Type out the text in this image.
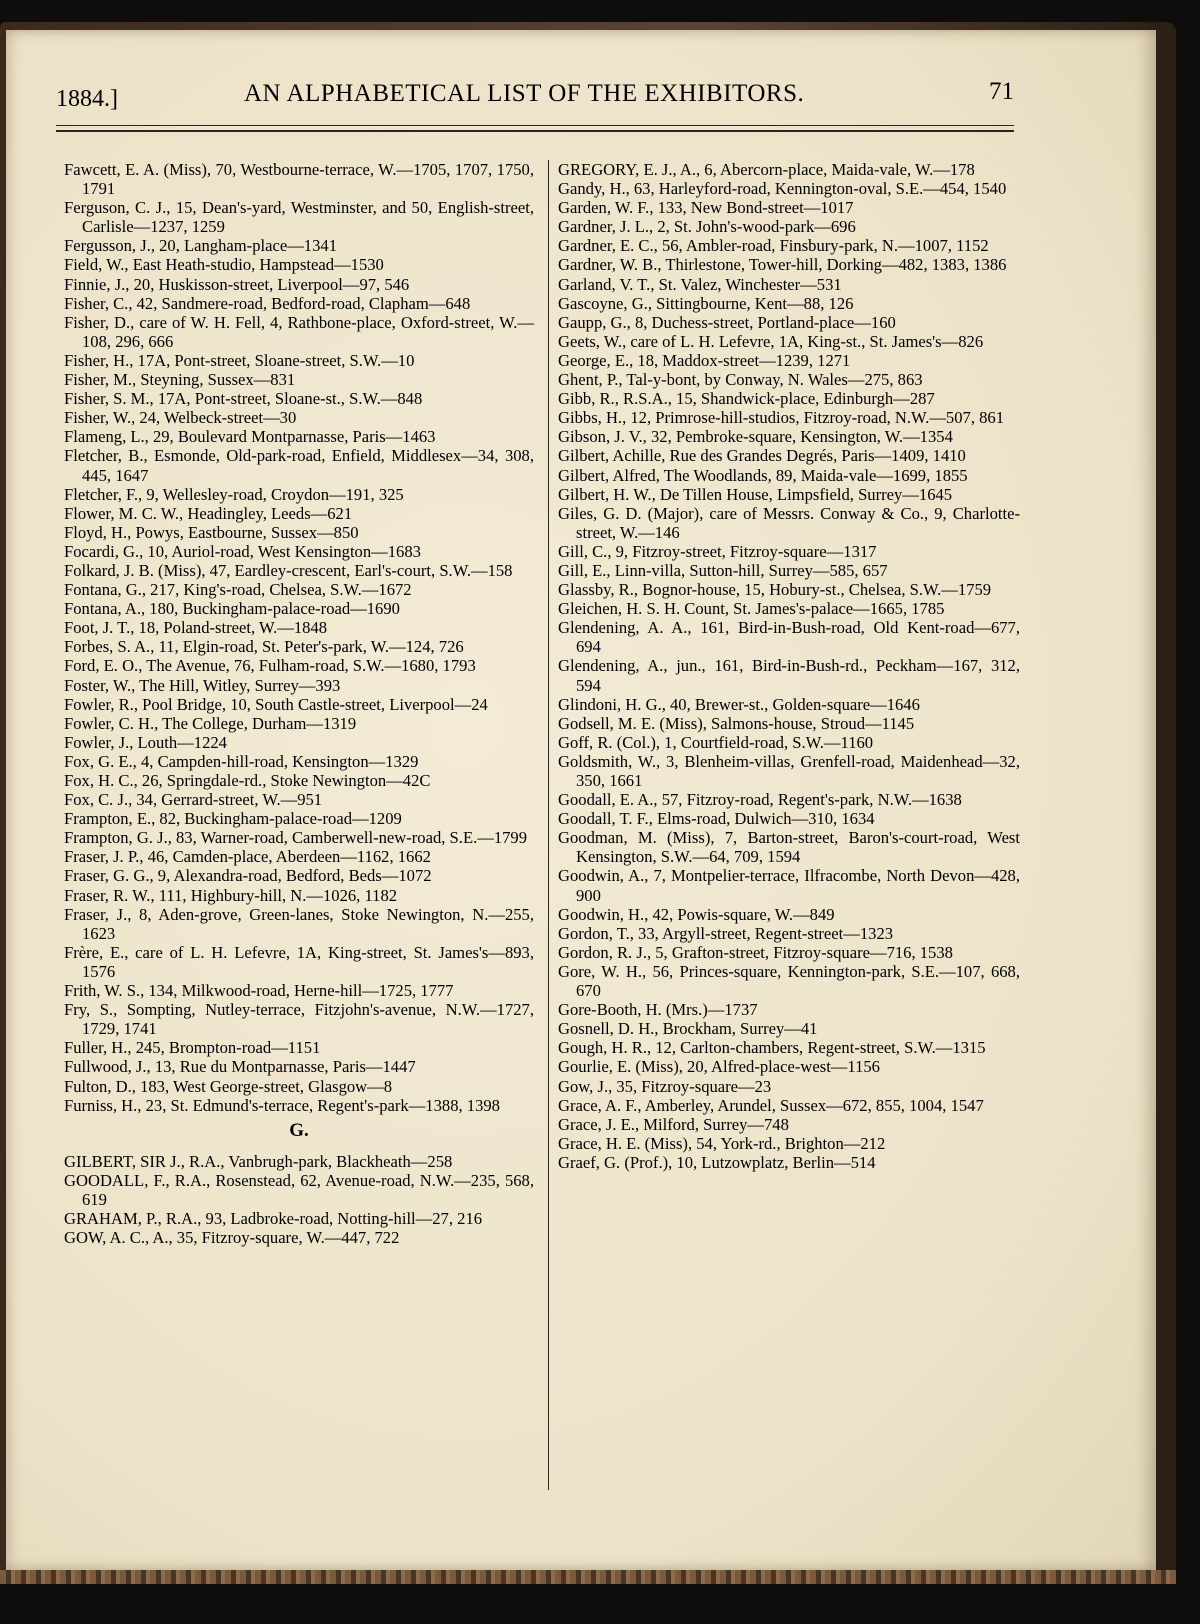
1884.]	AN ALPHABETICAL LIST OF THE EXHIBITORS.	71

Fawcett, E. A. (Miss), 70, Westbourne-terrace, W.—1705, 1707, 1750, 1791

Ferguson, C. J., 15, Dean's-yard, Westminster, and 50, English-street, Carlisle—1237, 1259

Fergusson, J., 20, Langham-place—1341

Field, W., East Heath-studio, Hampstead—1530

Finnie, J., 20, Huskisson-street, Liverpool—97, 546

Fisher, C., 42, Sandmere-road, Bedford-road, Clapham—648

Fisher, D., care of W. H. Fell, 4, Rathbone-place, Oxford-street, W.—108, 296, 666

Fisher, H., 17A, Pont-street, Sloane-street, S.W.—10

Fisher, M., Steyning, Sussex—831

Fisher, S. M., 17A, Pont-street, Sloane-st., S.W.—848

Fisher, W., 24, Welbeck-street—30

Flameng, L., 29, Boulevard Montparnasse, Paris—1463

Fletcher, B., Esmonde, Old-park-road, Enfield, Middlesex—34, 308, 445, 1647

Fletcher, F., 9, Wellesley-road, Croydon—191, 325

Flower, M. C. W., Headingley, Leeds—621

Floyd, H., Powys, Eastbourne, Sussex—850

Focardi, G., 10, Auriol-road, West Kensington—1683

Folkard, J. B. (Miss), 47, Eardley-crescent, Earl's-court, S.W.—158

Fontana, G., 217, King's-road, Chelsea, S.W.—1672

Fontana, A., 180, Buckingham-palace-road—1690

Foot, J. T., 18, Poland-street, W.—1848

Forbes, S. A., 11, Elgin-road, St. Peter's-park, W.—124, 726

Ford, E. O., The Avenue, 76, Fulham-road, S.W.—1680, 1793

Foster, W., The Hill, Witley, Surrey—393

Fowler, R., Pool Bridge, 10, South Castle-street, Liverpool—24

Fowler, C. H., The College, Durham—1319

Fowler, J., Louth—1224

Fox, G. E., 4, Campden-hill-road, Kensington—1329

Fox, H. C., 26, Springdale-rd., Stoke Newington—42C

Fox, C. J., 34, Gerrard-street, W.—951

Frampton, E., 82, Buckingham-palace-road—1209

Frampton, G. J., 83, Warner-road, Camberwell-new-road, S.E.—1799

Fraser, J. P., 46, Camden-place, Aberdeen—1162, 1662

Fraser, G. G., 9, Alexandra-road, Bedford, Beds—1072

Fraser, R. W., 111, Highbury-hill, N.—1026, 1182

Fraser, J., 8, Aden-grove, Green-lanes, Stoke Newington, N.—255, 1623

Frère, E., care of L. H. Lefevre, 1A, King-street, St. James's—893, 1576

Frith, W. S., 134, Milkwood-road, Herne-hill—1725, 1777

Fry, S., Sompting, Nutley-terrace, Fitzjohn's-avenue, N.W.—1727, 1729, 1741

Fuller, H., 245, Brompton-road—1151

Fullwood, J., 13, Rue du Montparnasse, Paris—1447

Fulton, D., 183, West George-street, Glasgow—8

Furniss, H., 23, St. Edmund's-terrace, Regent's-park—1388, 1398

G.

GILBERT, SIR J., R.A., Vanbrugh-park, Blackheath—258

GOODALL, F., R.A., Rosenstead, 62, Avenue-road, N.W.—235, 568, 619

GRAHAM, P., R.A., 93, Ladbroke-road, Notting-hill—27, 216

GOW, A. C., A., 35, Fitzroy-square, W.—447, 722

GREGORY, E. J., A., 6, Abercorn-place, Maida-vale, W.—178

Gandy, H., 63, Harleyford-road, Kennington-oval, S.E.—454, 1540

Garden, W. F., 133, New Bond-street—1017

Gardner, J. L., 2, St. John's-wood-park—696

Gardner, E. C., 56, Ambler-road, Finsbury-park, N.—1007, 1152

Gardner, W. B., Thirlestone, Tower-hill, Dorking—482, 1383, 1386

Garland, V. T., St. Valez, Winchester—531

Gascoyne, G., Sittingbourne, Kent—88, 126

Gaupp, G., 8, Duchess-street, Portland-place—160

Geets, W., care of L. H. Lefevre, 1A, King-st., St. James's—826

George, E., 18, Maddox-street—1239, 1271

Ghent, P., Tal-y-bont, by Conway, N. Wales—275, 863

Gibb, R., R.S.A., 15, Shandwick-place, Edinburgh—287

Gibbs, H., 12, Primrose-hill-studios, Fitzroy-road, N.W.—507, 861

Gibson, J. V., 32, Pembroke-square, Kensington, W.—1354

Gilbert, Achille, Rue des Grandes Degrés, Paris—1409, 1410

Gilbert, Alfred, The Woodlands, 89, Maida-vale—1699, 1855

Gilbert, H. W., De Tillen House, Limpsfield, Surrey—1645

Giles, G. D. (Major), care of Messrs. Conway & Co., 9, Charlotte-street, W.—146

Gill, C., 9, Fitzroy-street, Fitzroy-square—1317

Gill, E., Linn-villa, Sutton-hill, Surrey—585, 657

Glassby, R., Bognor-house, 15, Hobury-st., Chelsea, S.W.—1759

Gleichen, H. S. H. Count, St. James's-palace—1665, 1785

Glendening, A. A., 161, Bird-in-Bush-road, Old Kent-road—677, 694

Glendening, A., jun., 161, Bird-in-Bush-rd., Peckham—167, 312, 594

Glindoni, H. G., 40, Brewer-st., Golden-square—1646

Godsell, M. E. (Miss), Salmons-house, Stroud—1145

Goff, R. (Col.), 1, Courtfield-road, S.W.—1160

Goldsmith, W., 3, Blenheim-villas, Grenfell-road, Maidenhead—32, 350, 1661

Goodall, E. A., 57, Fitzroy-road, Regent's-park, N.W.—1638

Goodall, T. F., Elms-road, Dulwich—310, 1634

Goodman, M. (Miss), 7, Barton-street, Baron's-court-road, West Kensington, S.W.—64, 709, 1594

Goodwin, A., 7, Montpelier-terrace, Ilfracombe, North Devon—428, 900

Goodwin, H., 42, Powis-square, W.—849

Gordon, T., 33, Argyll-street, Regent-street—1323

Gordon, R. J., 5, Grafton-street, Fitzroy-square—716, 1538

Gore, W. H., 56, Princes-square, Kennington-park, S.E.—107, 668, 670

Gore-Booth, H. (Mrs.)—1737

Gosnell, D. H., Brockham, Surrey—41

Gough, H. R., 12, Carlton-chambers, Regent-street, S.W.—1315

Gourlie, E. (Miss), 20, Alfred-place-west—1156

Gow, J., 35, Fitzroy-square—23

Grace, A. F., Amberley, Arundel, Sussex—672, 855, 1004, 1547

Grace, J. E., Milford, Surrey—748

Grace, H. E. (Miss), 54, York-rd., Brighton—212

Graef, G. (Prof.), 10, Lutzowplatz, Berlin—514
